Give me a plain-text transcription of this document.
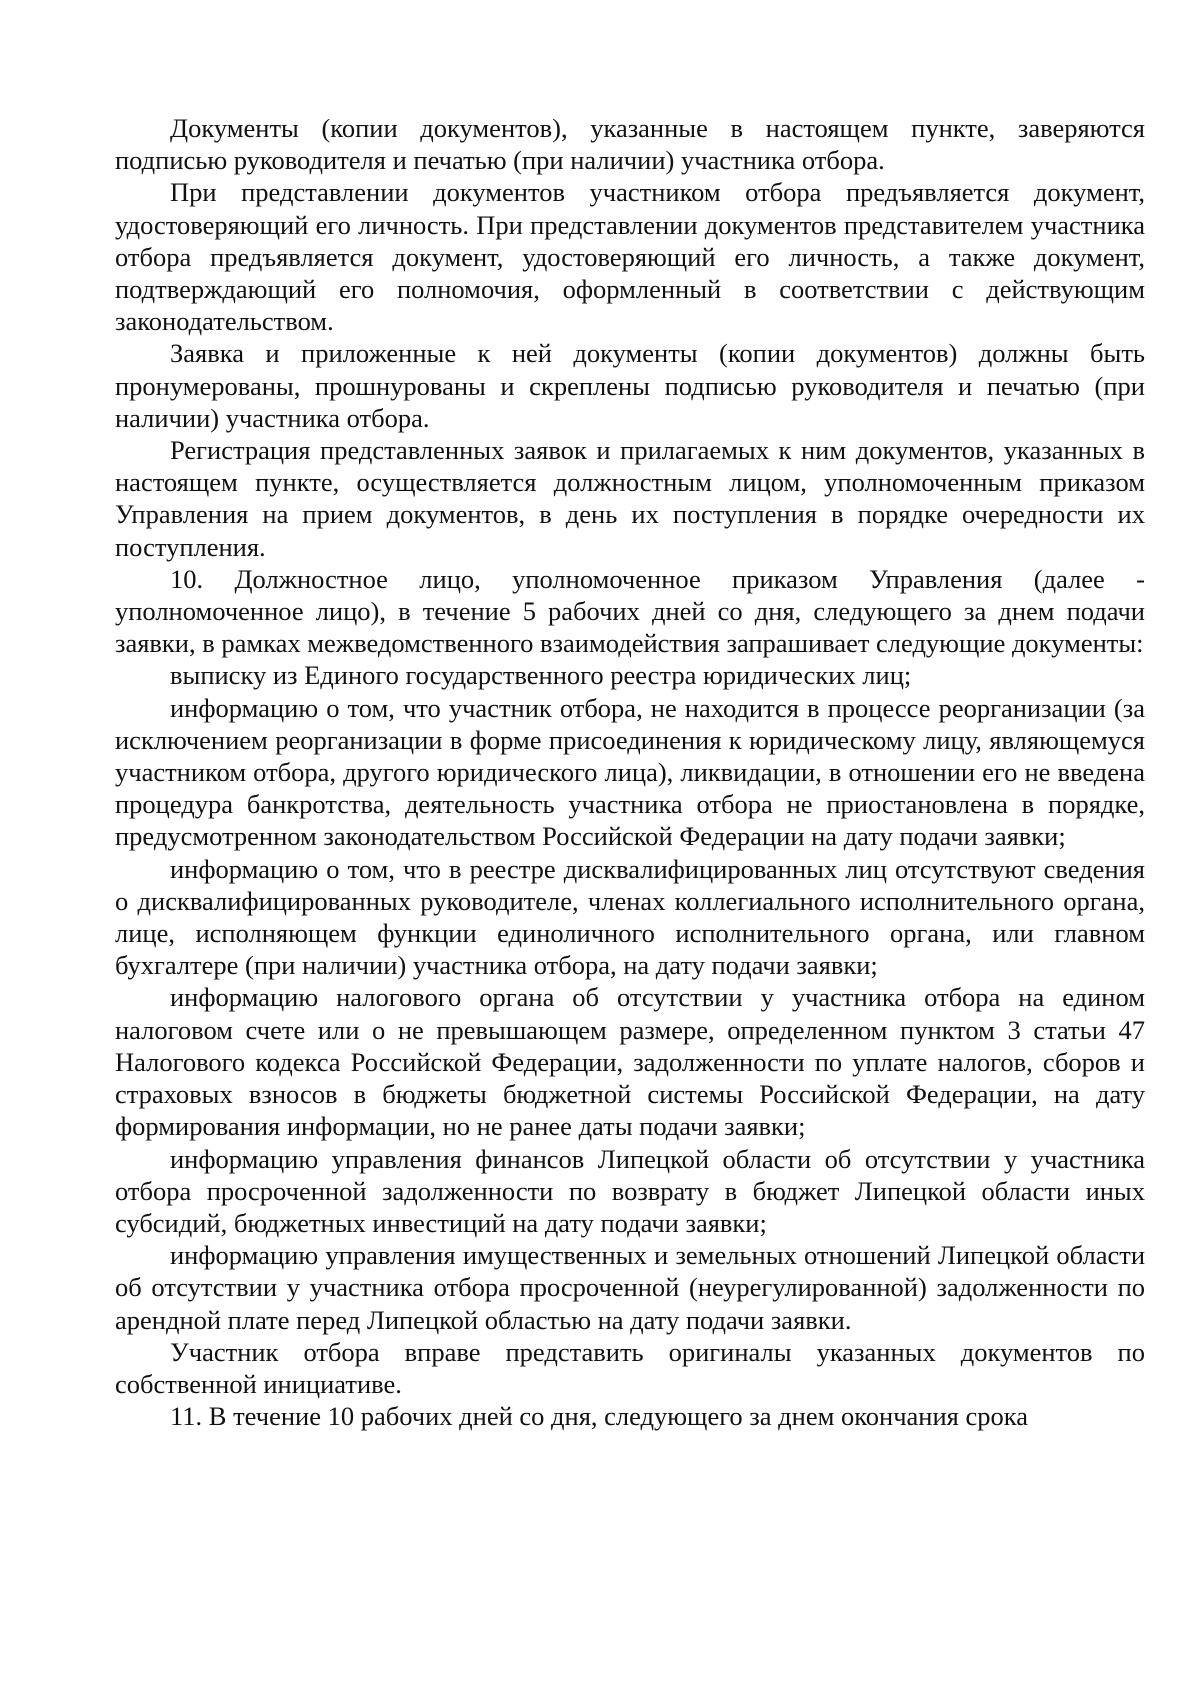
Документы (копии документов), указанные в настоящем пункте, заверяются подписью руководителя и печатью (при наличии) участника отбора.

При представлении документов участником отбора предъявляется документ, удостоверяющий его личность. При представлении документов представителем участника отбора предъявляется документ, удостоверяющий его личность, а также документ, подтверждающий его полномочия, оформленный в соответствии с действующим законодательством.

Заявка и приложенные к ней документы (копии документов) должны быть пронумерованы, прошнурованы и скреплены подписью руководителя и печатью (при наличии) участника отбора.

Регистрация представленных заявок и прилагаемых к ним документов, указанных в настоящем пункте, осуществляется должностным лицом, уполномоченным приказом Управления на прием документов, в день их поступления в порядке очередности их поступления.

10. Должностное лицо, уполномоченное приказом Управления (далее - уполномоченное лицо), в течение 5 рабочих дней со дня, следующего за днем подачи заявки, в рамках межведомственного взаимодействия запрашивает следующие документы:

выписку из Единого государственного реестра юридических лиц;

информацию о том, что участник отбора, не находится в процессе реорганизации (за исключением реорганизации в форме присоединения к юридическому лицу, являющемуся участником отбора, другого юридического лица), ликвидации, в отношении его не введена процедура банкротства, деятельность участника отбора не приостановлена в порядке, предусмотренном законодательством Российской Федерации на дату подачи заявки;

информацию о том, что в реестре дисквалифицированных лиц отсутствуют сведения о дисквалифицированных руководителе, членах коллегиального исполнительного органа, лице, исполняющем функции единоличного исполнительного органа, или главном бухгалтере (при наличии) участника отбора, на дату подачи заявки;

информацию налогового органа об отсутствии у участника отбора на едином налоговом счете или о не превышающем размере, определенном пунктом 3 статьи 47 Налогового кодекса Российской Федерации, задолженности по уплате налогов, сборов и страховых взносов в бюджеты бюджетной системы Российской Федерации, на дату формирования информации, но не ранее даты подачи заявки;

информацию управления финансов Липецкой области об отсутствии у участника отбора просроченной задолженности по возврату в бюджет Липецкой области иных субсидий, бюджетных инвестиций на дату подачи заявки;

информацию управления имущественных и земельных отношений Липецкой области об отсутствии у участника отбора просроченной (неурегулированной) задолженности по арендной плате перед Липецкой областью на дату подачи заявки.

Участник отбора вправе представить оригиналы указанных документов по собственной инициативе.

11. В течение 10 рабочих дней со дня, следующего за днем окончания срока
